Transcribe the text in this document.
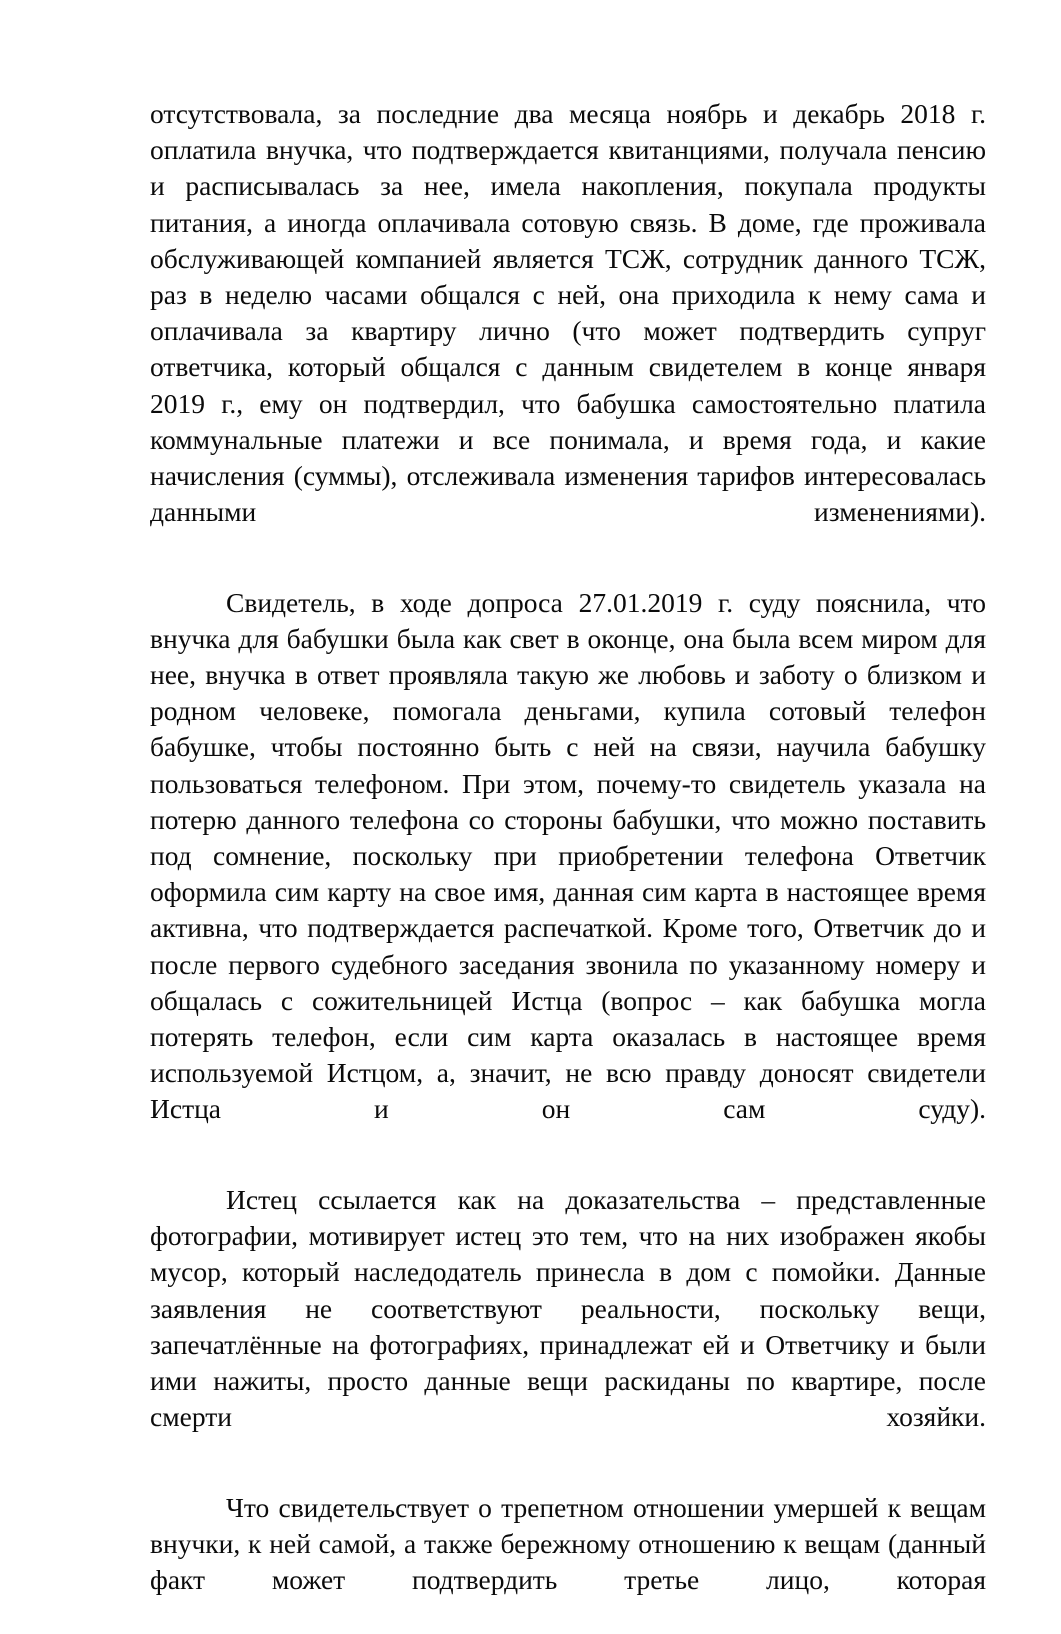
отсутствовала, за последние два месяца ноябрь и декабрь 2018 г. оплатила внучка, что подтверждается квитанциями, получала пенсию и расписывалась за нее, имела накопления, покупала продукты питания, а иногда оплачивала сотовую связь. В доме, где проживала обслуживающей компанией является ТСЖ, сотрудник данного ТСЖ, раз в неделю часами общался с ней, она приходила к нему сама и оплачивала за квартиру лично (что может подтвердить супруг ответчика, который общался с данным свидетелем в конце января 2019 г., ему он подтвердил, что бабушка самостоятельно платила коммунальные платежи и все понимала, и время года, и какие начисления (суммы), отслеживала изменения тарифов интересовалась данными изменениями).

Свидетель, в ходе допроса 27.01.2019 г. суду пояснила, что внучка для бабушки была как свет в оконце, она была всем миром для нее, внучка в ответ проявляла такую же любовь и заботу о близком и родном человеке, помогала деньгами, купила сотовый телефон бабушке, чтобы постоянно быть с ней на связи, научила бабушку пользоваться телефоном. При этом, почему-то свидетель указала на потерю данного телефона со стороны бабушки, что можно поставить под сомнение, поскольку при приобретении телефона Ответчик оформила сим карту на свое имя, данная сим карта в настоящее время активна, что подтверждается распечаткой. Кроме того, Ответчик до и после первого судебного заседания звонила по указанному номеру и общалась с сожительницей Истца (вопрос – как бабушка могла потерять телефон, если сим карта оказалась в настоящее время используемой Истцом, а, значит, не всю правду доносят свидетели Истца и он сам суду).

Истец ссылается как на доказательства – представленные фотографии, мотивирует истец это тем, что на них изображен якобы мусор, который наследодатель принесла в дом с помойки. Данные заявления не соответствуют реальности, поскольку вещи, запечатлённые на фотографиях, принадлежат ей и Ответчику и были ими нажиты, просто данные вещи раскиданы по квартире, после смерти хозяйки.

Что свидетельствует о трепетном отношении умершей к вещам внучки, к ней самой, а также бережному отношению к вещам (данный факт может подтвердить третье лицо, которая
